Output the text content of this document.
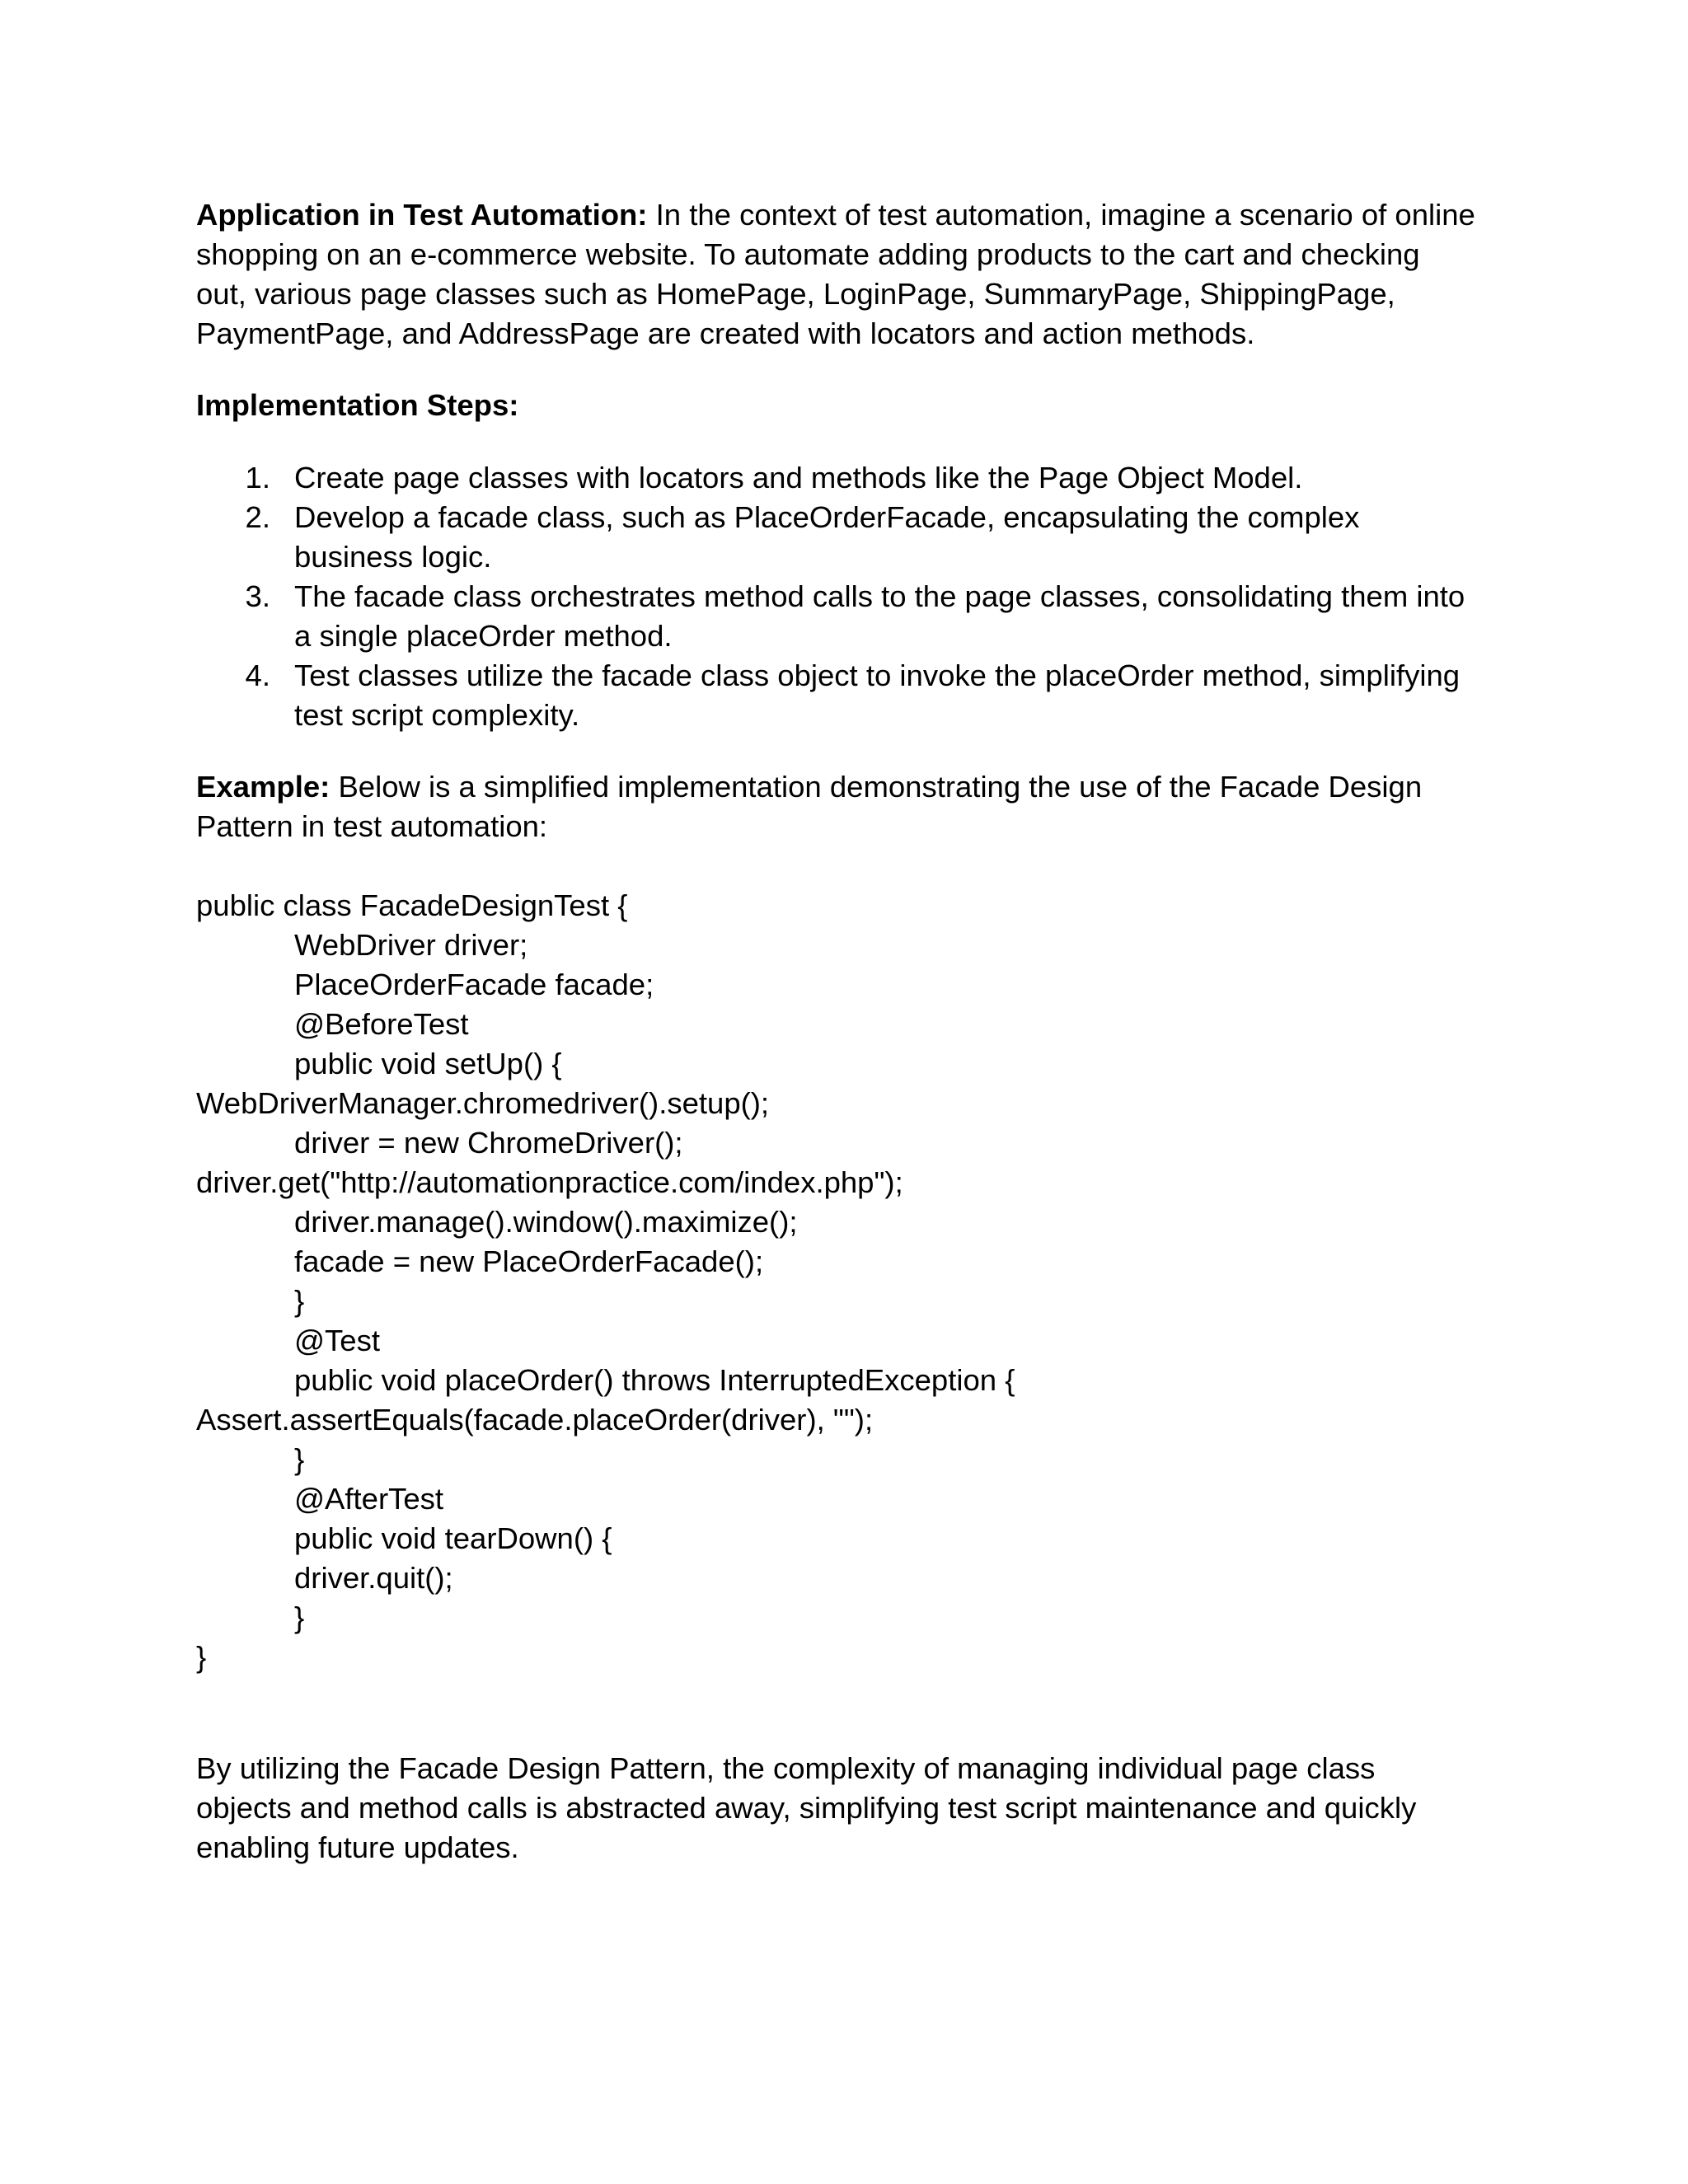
Application in Test Automation: In the context of test automation, imagine a scenario of online
shopping on an e-commerce website. To automate adding products to the cart and checking
out, various page classes such as HomePage, LoginPage, SummaryPage, ShippingPage,
PaymentPage, and AddressPage are created with locators and action methods.
Implementation Steps:
1. Create page classes with locators and methods like the Page Object Model.
2. Develop a facade class, such as PlaceOrderFacade, encapsulating the complex
business logic.
3. The facade class orchestrates method calls to the page classes, consolidating them into
a single placeOrder method.
4. Test classes utilize the facade class object to invoke the placeOrder method, simplifying
test script complexity.
Example: Below is a simplified implementation demonstrating the use of the Facade Design
Pattern in test automation:
public class FacadeDesignTest {
WebDriver driver;
PlaceOrderFacade facade;
@BeforeTest
public void setUp() {
WebDriverManager.chromedriver().setup();
driver = new ChromeDriver();
driver.get("http://automationpractice.com/index.php");
driver.manage().window().maximize();
facade = new PlaceOrderFacade();
}
@Test
public void placeOrder() throws InterruptedException {
Assert.assertEquals(facade.placeOrder(driver), "");
}
@AfterTest
public void tearDown() {
driver.quit();
}
}
By utilizing the Facade Design Pattern, the complexity of managing individual page class
objects and method calls is abstracted away, simplifying test script maintenance and quickly
enabling future updates.
